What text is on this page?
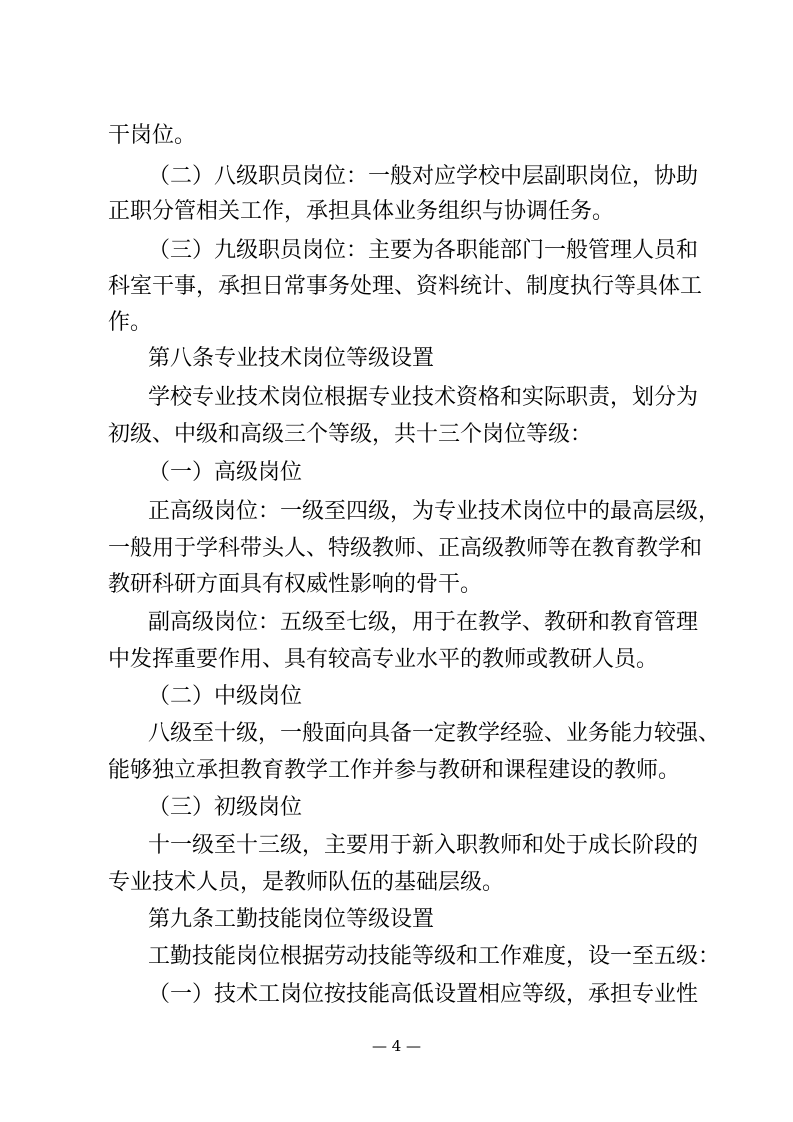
干岗位。
（二）八级职员岗位：一般对应学校中层副职岗位，协助
正职分管相关工作，承担具体业务组织与协调任务。
（三）九级职员岗位：主要为各职能部门一般管理人员和
科室干事，承担日常事务处理、资料统计、制度执行等具体工
作。
第八条专业技术岗位等级设置
学校专业技术岗位根据专业技术资格和实际职责，划分为
初级、中级和高级三个等级，共十三个岗位等级：
（一）高级岗位
正高级岗位：一级至四级，为专业技术岗位中的最高层级，
一般用于学科带头人、特级教师、正高级教师等在教育教学和
教研科研方面具有权威性影响的骨干。
副高级岗位：五级至七级，用于在教学、教研和教育管理
中发挥重要作用、具有较高专业水平的教师或教研人员。
（二）中级岗位
八级至十级，一般面向具备一定教学经验、业务能力较强、
能够独立承担教育教学工作并参与教研和课程建设的教师。
（三）初级岗位
十一级至十三级，主要用于新入职教师和处于成长阶段的
专业技术人员，是教师队伍的基础层级。
第九条工勤技能岗位等级设置
工勤技能岗位根据劳动技能等级和工作难度，设一至五级：
（一）技术工岗位按技能高低设置相应等级，承担专业性
— 4 —
